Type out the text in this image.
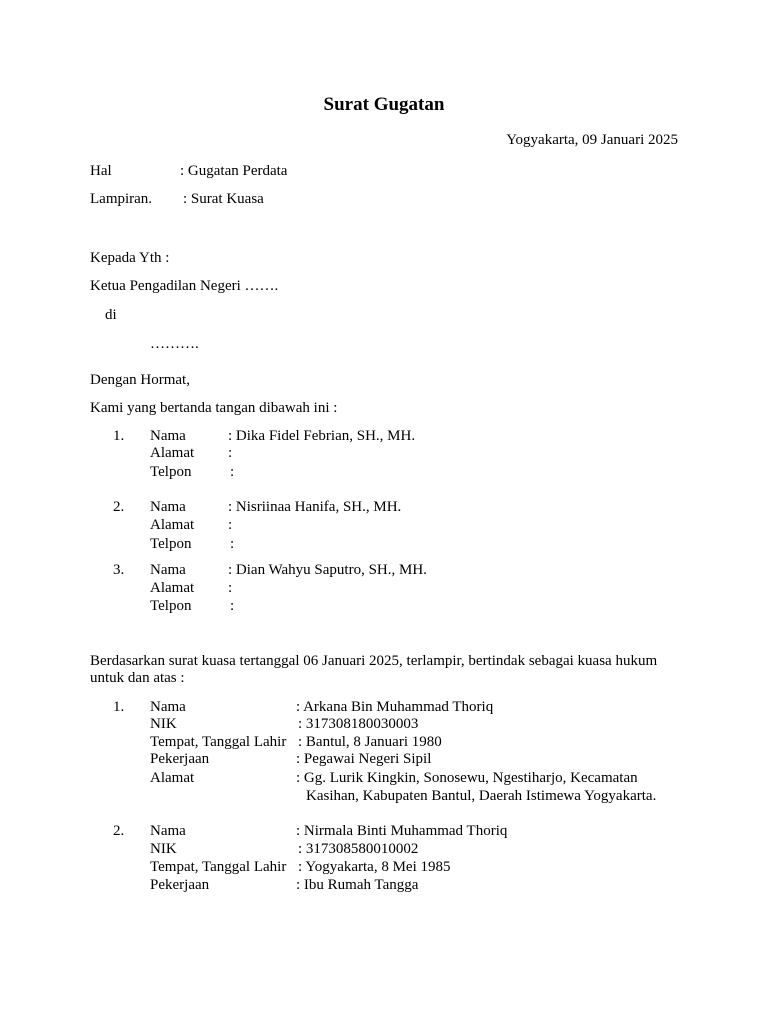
Surat Gugatan
Yogyakarta, 09 Januari 2025
Hal	: Gugatan Perdata
Lampiran. : Surat Kuasa
Kepada Yth :
Ketua Pengadilan Negeri …….
di
……….
Dengan Hormat,
Kami yang bertanda tangan dibawah ini :
1. Nama	: Dika Fidel Febrian, SH., MH.
Alamat :
Telpon	:
2. Nama	: Nisriinaa Hanifa, SH., MH.
Alamat :
Telpon	:
3. Nama	: Dian Wahyu Saputro, SH., MH.
Alamat :
Telpon	:
Berdasarkan surat kuasa tertanggal 06 Januari 2025, terlampir, bertindak sebagai kuasa hukum
untuk dan atas :
1. Nama	: Arkana Bin Muhammad Thoriq
NIK	: 317308180030003
Tempat, Tanggal Lahir : Bantul, 8 Januari 1980
Pekerjaan	: Pegawai Negeri Sipil
Alamat	: Gg. Lurik Kingkin, Sonosewu, Ngestiharjo, Kecamatan
Kasihan, Kabupaten Bantul, Daerah Istimewa Yogyakarta.
2. Nama	: Nirmala Binti Muhammad Thoriq
NIK	: 317308580010002
Tempat, Tanggal Lahir : Yogyakarta, 8 Mei 1985
Pekerjaan	: Ibu Rumah Tangga
